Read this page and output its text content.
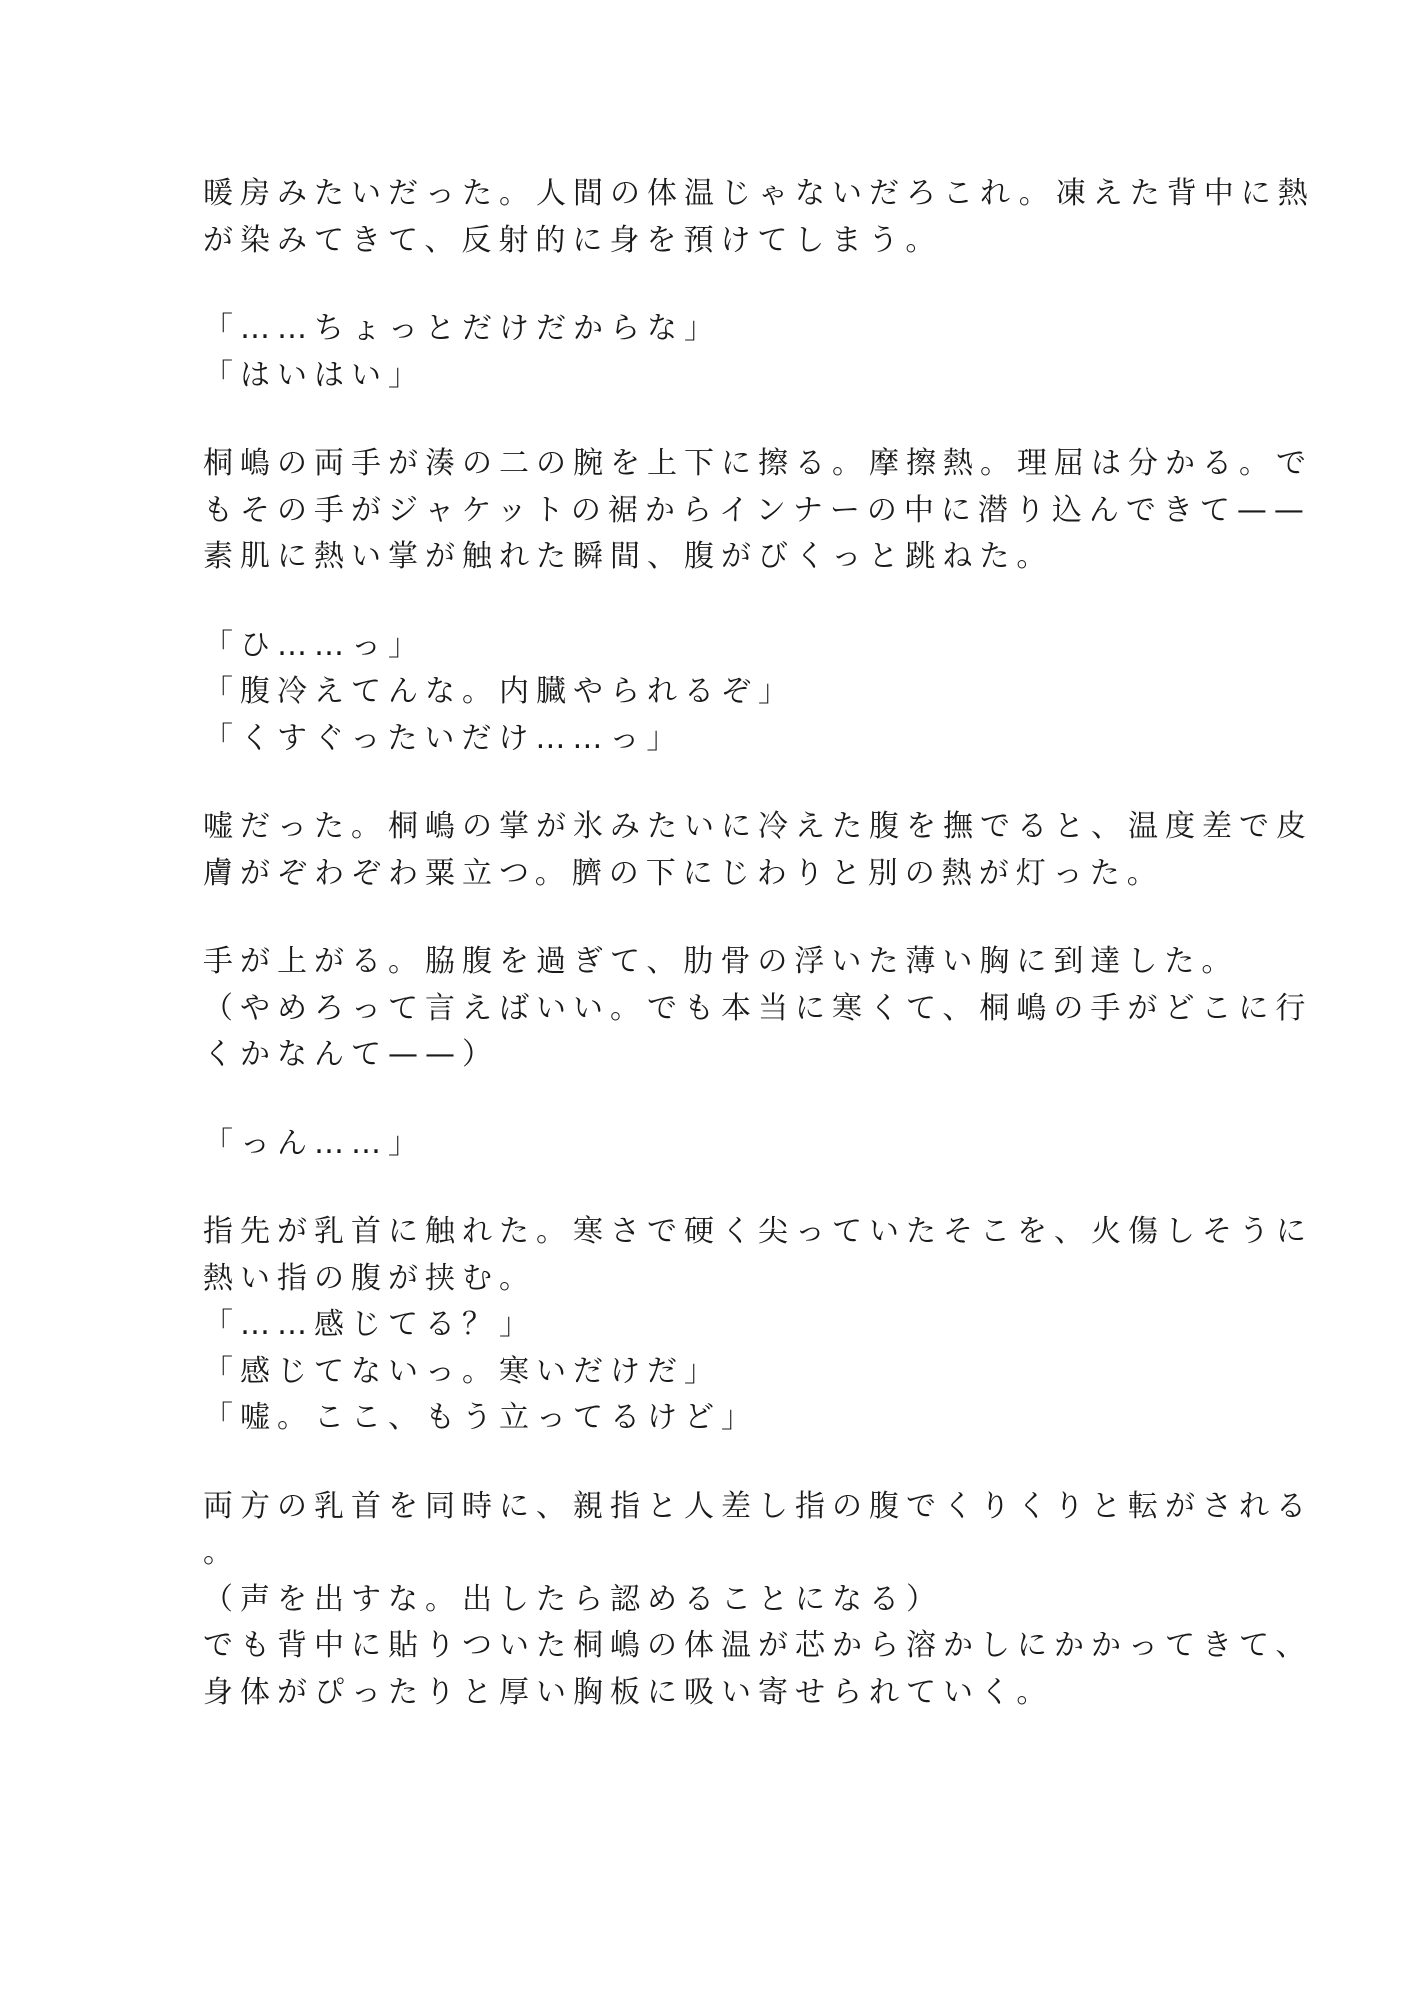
暖房みたいだった。人間の体温じゃないだろこれ。凍えた背中に熱
が染みてきて、反射的に身を預けてしまう。
「……ちょっとだけだからな」
「はいはい」
桐嶋の両手が湊の二の腕を上下に擦る。摩擦熱。理屈は分かる。で
もその手がジャケットの裾からインナーの中に潜り込んできて——
素肌に熱い掌が触れた瞬間、腹がびくっと跳ねた。
「ひ……っ」
「腹冷えてんな。内臓やられるぞ」
「くすぐったいだけ……っ」
嘘だった。桐嶋の掌が氷みたいに冷えた腹を撫でると、温度差で皮
膚がぞわぞわ粟立つ。臍の下にじわりと別の熱が灯った。
手が上がる。脇腹を過ぎて、肋骨の浮いた薄い胸に到達した。
（やめろって言えばいい。でも本当に寒くて、桐嶋の手がどこに行
くかなんて——）
「っん……」
指先が乳首に触れた。寒さで硬く尖っていたそこを、火傷しそうに
熱い指の腹が挟む。
「……感じてる？」
「感じてないっ。寒いだけだ」
「嘘。ここ、もう立ってるけど」
両方の乳首を同時に、親指と人差し指の腹でくりくりと転がされる
。
（声を出すな。出したら認めることになる）
でも背中に貼りついた桐嶋の体温が芯から溶かしにかかってきて、
身体がぴったりと厚い胸板に吸い寄せられていく。
